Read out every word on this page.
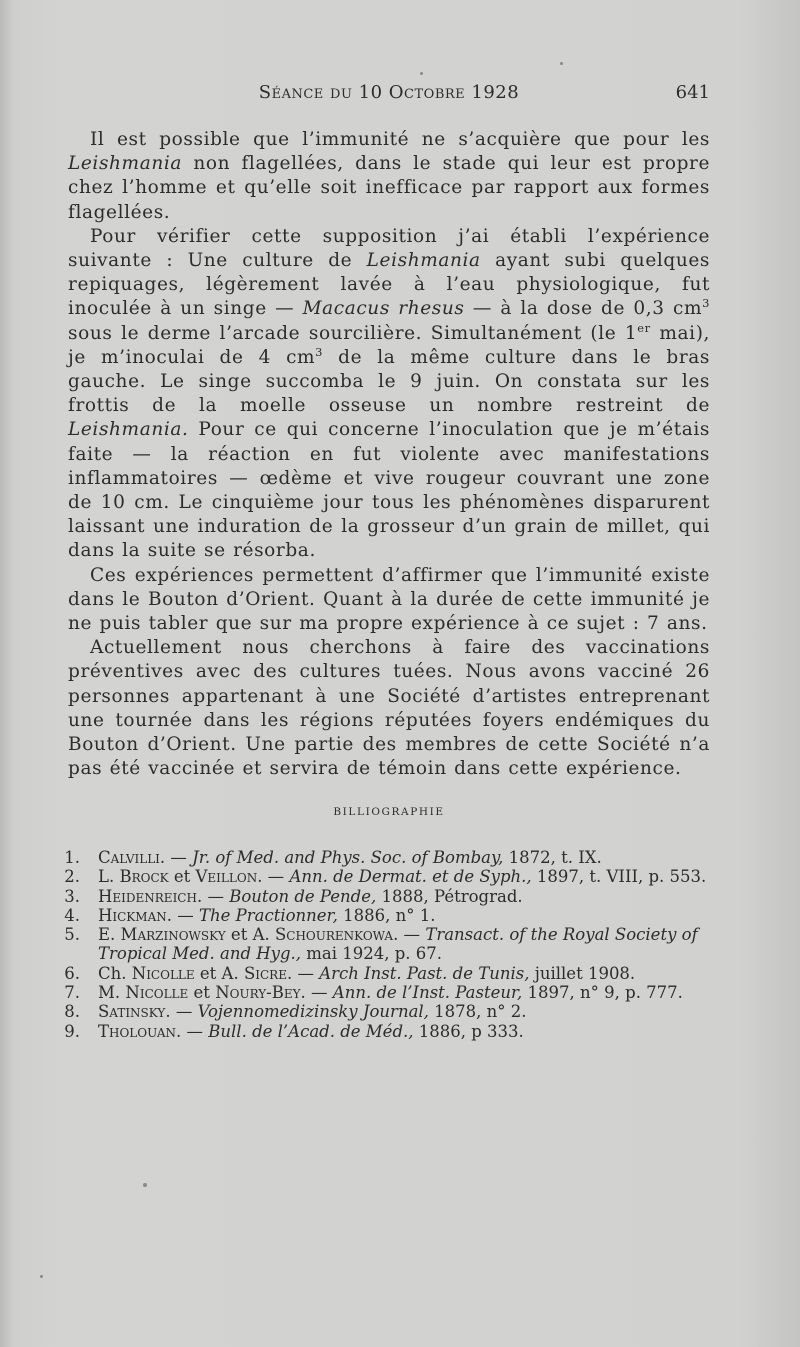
Séance du 10 Octobre 1928	641

Il est possible que l’immunité ne s’acquière que pour les Leishmania non flagellées, dans le stade qui leur est propre chez l’homme et qu’elle soit inefficace par rapport aux formes flagellées.

Pour vérifier cette supposition j’ai établi l’expérience suivante : Une culture de Leishmania ayant subi quelques repiquages, légèrement lavée à l’eau physiologique, fut inoculée à un singe — Macacus rhesus — à la dose de 0,3 $cm^3$ sous le derme l’arcade sourcilière. Simultanément (le 1er mai), je m’inoculai de 4 $cm^3$ de la même culture dans le bras gauche. Le singe succomba le 9 juin. On constata sur les frottis de la moelle osseuse un nombre restreint de Leishmania. Pour ce qui concerne l’inoculation que je m’étais faite — la réaction en fut violente avec manifestations inflammatoires — œdème et vive rougeur couvrant une zone de 10 cm. Le cinquième jour tous les phénomènes disparurent laissant une induration de la grosseur d’un grain de millet, qui dans la suite se résorba.

Ces expériences permettent d’affirmer que l’immunité existe dans le Bouton d’Orient. Quant à la durée de cette immunité je ne puis tabler que sur ma propre expérience à ce sujet : 7 ans.

Actuellement nous cherchons à faire des vaccinations préventives avec des cultures tuées. Nous avons vacciné 26 personnes appartenant à une Société d’artistes entreprenant une tournée dans les régions réputées foyers endémiques du Bouton d’Orient. Une partie des membres de cette Société n’a pas été vaccinée et servira de témoin dans cette expérience.

BILLIOGRAPHIE
1. Calvilli. — Jr. of Med. and Phys. Soc. of Bombay, 1872, t. IX.
2. L. Brock et Veillon. — Ann. de Dermat. et de Syph., 1897, t. VIII, p. 553.
3. Heidenreich. — Bouton de Pende, 1888, Pétrograd.
4. Hickman. — The Practionner, 1886, n° 1.
5. E. Marzinowsky et A. Schourenkowa. — Transact. of the Royal Society of Tropical Med. and Hyg., mai 1924, p. 67.
6. Ch. Nicolle et A. Sicre. — Arch Inst. Past. de Tunis, juillet 1908.
7. M. Nicolle et Noury-Bey. — Ann. de l’Inst. Pasteur, 1897, n° 9, p. 777.
8. Satinsky. — Vojennomedizinsky Journal, 1878, n° 2.
9. Tholouan. — Bull. de l’Acad. de Méd., 1886, p 333.
